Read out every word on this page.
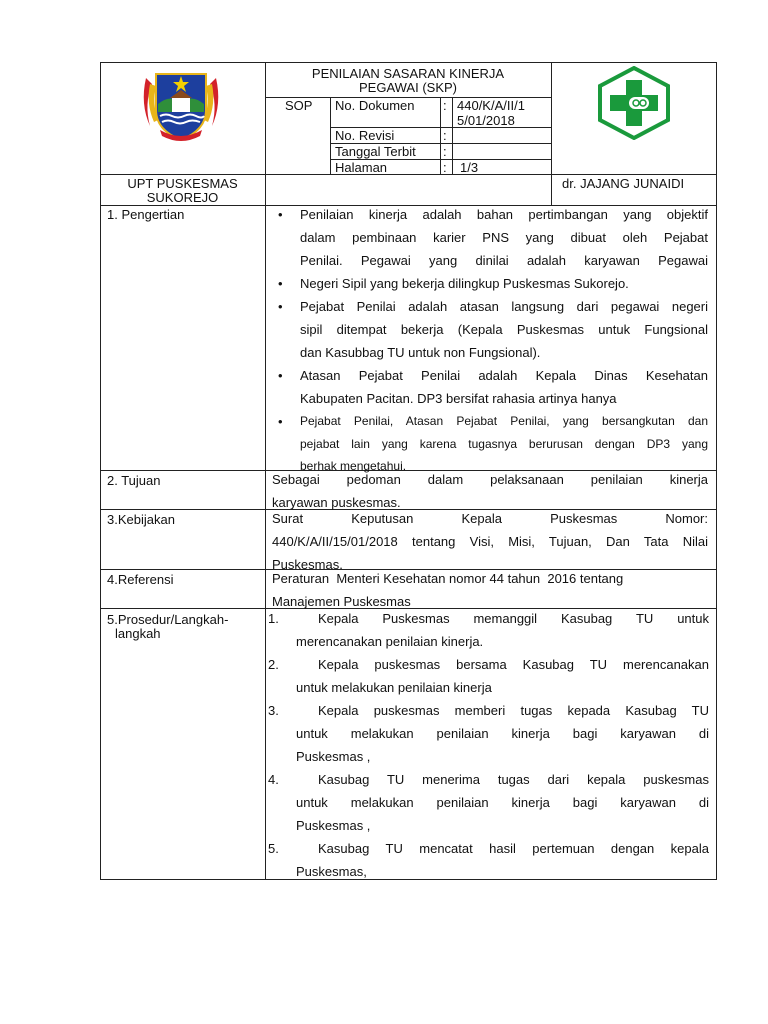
PENILAIAN SASARAN KINERJA
PEGAWAI (SKP)
SOP No. Dokumen : 440/K/A/II/1
5/01/2018
No. Revisi	:
Tanggal Terbit :
Halaman	: 1/3
UPT PUSKESMAS
SUKOREJO
dr. JAJANG JUNAIDI
1. Pengertian
•	Penilaian kinerja adalah bahan pertimbangan yang objektif
dalam pembinaan karier PNS yang dibuat oleh Pejabat
Penilai. Pegawai yang dinilai adalah karyawan Pegawai
• Negeri Sipil yang bekerja dilingkup Puskesmas Sukorejo.
• Pejabat Penilai adalah atasan langsung dari pegawai negeri
sipil ditempat bekerja (Kepala Puskesmas untuk Fungsional
dan Kasubbag TU untuk non Fungsional).
• Atasan Pejabat Penilai adalah Kepala Dinas Kesehatan
Kabupaten Pacitan. DP3 bersifat rahasia artinya hanya
• Pejabat Penilai, Atasan Pejabat Penilai, yang bersangkutan dan
pejabat lain yang karena tugasnya berurusan dengan DP3 yang
berhak mengetahui.
2. Tujuan	Sebagai pedoman dalam pelaksanaan penilaian kinerja
karyawan puskesmas.
3.Kebijakan	Surat Keputusan Kepala Puskesmas Nomor:
440/K/A/II/15/01/2018 tentang Visi, Misi, Tujuan, Dan Tata Nilai
Puskesmas.
4.Referensi	Peraturan  Menteri Kesehatan nomor 44 tahun  2016 tentang
Manajemen Puskesmas
5.Prosedur/Langkah-
langkah
1.	Kepala Puskesmas memanggil Kasubag TU untuk
merencanakan penilaian kinerja.
2.	Kepala puskesmas bersama Kasubag TU merencanakan
untuk melakukan penilaian kinerja
3.	Kepala puskesmas memberi tugas kepada Kasubag TU
untuk melakukan penilaian kinerja bagi karyawan di
Puskesmas ,
4.	Kasubag TU menerima tugas dari kepala puskesmas
untuk melakukan penilaian kinerja bagi karyawan di
Puskesmas ,
5.	Kasubag TU mencatat hasil pertemuan dengan kepala
Puskesmas,
